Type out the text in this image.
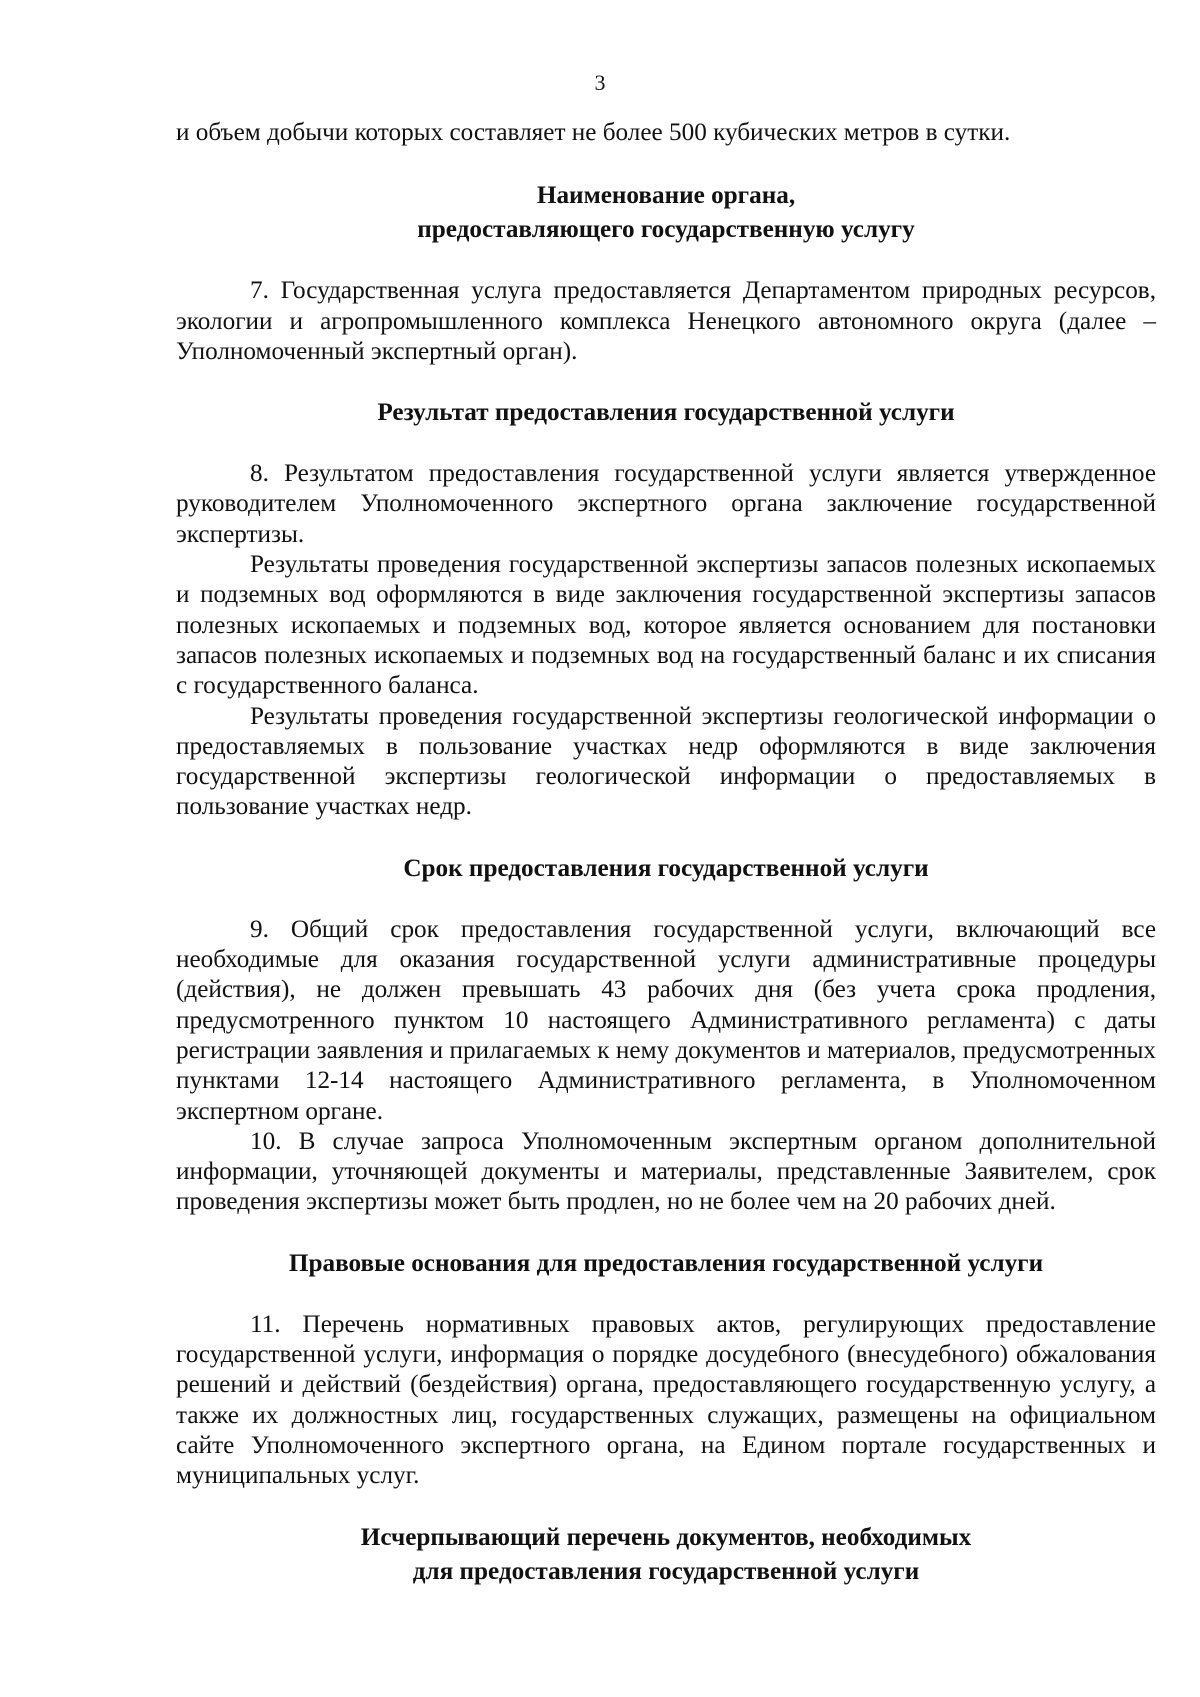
3

и объем добычи которых составляет не более 500 кубических метров в сутки.

Наименование органа,
предоставляющего государственную услугу

7. Государственная услуга предоставляется Департаментом природных ресурсов, экологии и агропромышленного комплекса Ненецкого автономного округа (далее – Уполномоченный экспертный орган).

Результат предоставления государственной услуги

8. Результатом предоставления государственной услуги является утвержденное руководителем Уполномоченного экспертного органа заключение государственной экспертизы.

Результаты проведения государственной экспертизы запасов полезных ископаемых и подземных вод оформляются в виде заключения государственной экспертизы запасов полезных ископаемых и подземных вод, которое является основанием для постановки запасов полезных ископаемых и подземных вод на государственный баланс и их списания с государственного баланса.

Результаты проведения государственной экспертизы геологической информации о предоставляемых в пользование участках недр оформляются в виде заключения государственной экспертизы геологической информации о предоставляемых в пользование участках недр.

Срок предоставления государственной услуги

9. Общий срок предоставления государственной услуги, включающий все необходимые для оказания государственной услуги административные процедуры (действия), не должен превышать 43 рабочих дня (без учета срока продления, предусмотренного пунктом 10 настоящего Административного регламента) с даты регистрации заявления и прилагаемых к нему документов и материалов, предусмотренных пунктами 12-14 настоящего Административного регламента, в Уполномоченном экспертном органе.

10. В случае запроса Уполномоченным экспертным органом дополнительной информации, уточняющей документы и материалы, представленные Заявителем, срок проведения экспертизы может быть продлен, но не более чем на 20 рабочих дней.

Правовые основания для предоставления государственной услуги

11. Перечень нормативных правовых актов, регулирующих предоставление государственной услуги, информация о порядке досудебного (внесудебного) обжалования решений и действий (бездействия) органа, предоставляющего государственную услугу, а также их должностных лиц, государственных служащих, размещены на официальном сайте Уполномоченного экспертного органа, на Едином портале государственных и муниципальных услуг.

Исчерпывающий перечень документов, необходимых
для предоставления государственной услуги
